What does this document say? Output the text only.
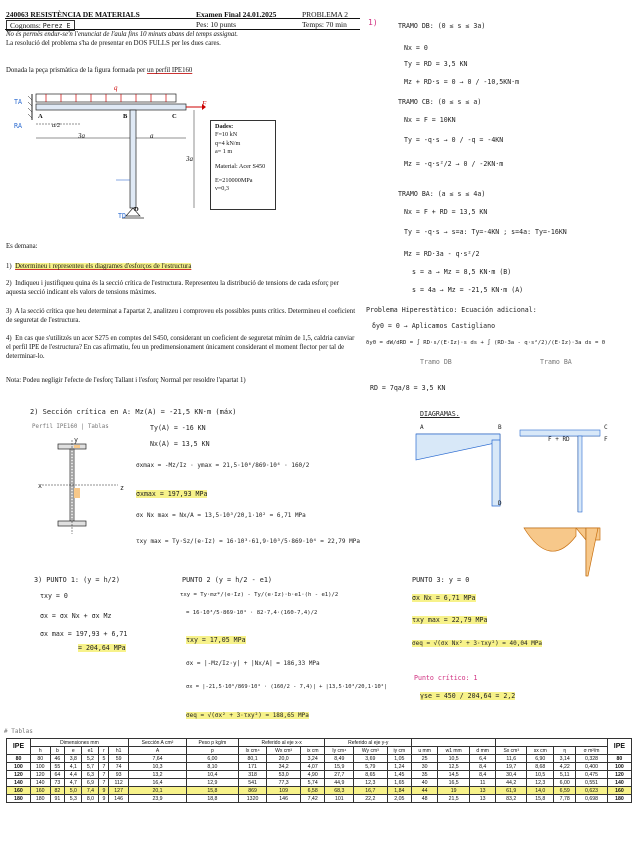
240063 RESISTÈNCIA DE MATERIALS	Examen Final 24.01.2025	PROBLEMA 2
Cognoms: Perez E	Pes: 10 punts	Temps: 70 min
No és permès endur-se'n l'enunciat de l'aula fins 10 minuts abans del temps assignat.
La resolució del problema s'ha de presentar en DOS FULLS per les dues cares.
Donada la peça prismàtica de la figura formada per un perfil IPE160
q
F
A	B	C
D
3a	a
3a
a/2
TA
RA
TD
Dades:
F=10 kN
q=4 kN/m
a= 1 m
Material: Acer S450
E=210000MPa
ν=0,3
Es demana:
1) Determineu i representeu els diagrames d'esforços de l'estructura
2) Indiqueu i justifiqueu quina és la secció crítica de l'estructura. Representeu la distribució de tensions de cada esforç per aquesta secció indicant els valors de tensions màximes.
3) A la secció crítica que heu determinat a l'apartat 2, analitzeu i comproveu els possibles punts crítics. Determineu el coeficient de seguretat de l'estructura.
4) En cas que s'utilitzés un acer S275 en comptes del S450, considerant un coeficient de seguretat mínim de 1,5, caldria canviar el perfil IPE de l'estructura? En cas afirmatiu, feu un predimensionament únicament considerant el moment flector per tal de determinar-lo.
Nota: Podeu negligir l'efecte de l'esforç Tallant i l'esforç Normal per resoldre l'apartat 1)
1)	TRAMO DB: (0 ≤ s ≤ 3a)
Nx = 0
Ty = RD = 3,5 KN
Mz + RD·s = 0 → 0 / -10,5KN·m
TRAMO CB: (0 ≤ s ≤ a)
Nx = F = 10KN
Ty = -q·s → 0 / -q = -4KN
Mz = -q·s²/2 → 0 / -2KN·m
TRAMO BA: (a ≤ s ≤ 4a)
Nx = F + RD = 13,5 KN
Ty = -q·s → s=a: Ty=-4KN ; s=4a: Ty=-16KN
Mz = RD·3a - q·s²/2
s = a → Mz = 8,5 KN·m (B)
s = 4a → Mz = -21,5 KN·m (A)
Problema Hiperestàtico: Ecuación adicional:
δy0 = 0 → Aplicamos Castigliano
δy0 = dW/dRD = ∫ RD·s/(E·Iz)·s ds + ∫ (RD·3a - q·s²/2)/(E·Iz)·3a ds = 0
Tramo DB	Tramo BA
RD = 7qa/8 = 3,5 KN
DIAGRAMAS.
A	B	C
D
F
F + RD
2) Sección crítica en A: Mz(A) = -21,5 KN·m (máx)
Perfil IPE160 | Tablas	Ty(A) = -16 KN
Nx(A) = 13,5 KN
x
y
z
σxmax = -Mz/Iz · ymax = 21,5·10⁶/869·10⁴ · 160/2
σxmax = 197,93 MPa
σx Nx max = Nx/A = 13,5·10³/20,1·10² = 6,71 MPa
τxy max = Ty·Sz/(e·Iz) = 16·10³·61,9·10³/5·869·10⁴ = 22,79 MPa
3) PUNTO 1: (y = h/2)
τxy = 0
σx = σx Nx + σx Mz
σx max = 197,93 + 6,71
= 204,64 MPa
PUNTO 2 (y = h/2 - e1)
τxy = Ty·mz*/(e·Iz) - Ty/(e·Iz)·b·e1·(h - e1)/2
= 16·10³/5·869·10⁴ · 82·7,4·(160-7,4)/2
τxy = 17,05 MPa
σx = |-Mz/Iz·y| + |Nx/A| = 186,33 MPa
σx = |-21,5·10⁶/869·10⁴ · (160/2 - 7,4)| + |13,5·10³/20,1·10²|
σeq = √(σx² + 3·τxy²) = 188,65 MPa
PUNTO 3: y = 0
σx Nx = 6,71 MPa
τxy max = 22,79 MPa
σeq = √(σx Nx² + 3·τxy²) = 40,04 MPa
Punto crítico: 1
γse = 450 / 204,64 = 2,2
# Tablas
IPE	Dimensiones mm						Sección A cm²	Peso p kg/m	Referido al eje x-x			Referido al eje y-y										IPE
	h	b	e	e1	r	h1	A	p	Ix cm⁴	Wx cm³	ix cm	Iy cm⁴	Wy cm³	iy cm	u mm	w1 mm	d mm	Sx cm³	sx cm	η	σ m²/m	
80	80	46	3,8	5,2	5	59	7,64	6,00	80,1	20,0	3,24	8,49	3,69	1,05	25	10,5	6,4	11,6	6,90	3,14	0,328	80
100	100	55	4,1	5,7	7	74	10,3	8,10	171	34,2	4,07	15,9	5,79	1,24	30	12,5	8,4	19,7	8,68	4,22	0,400	100
120	120	64	4,4	6,3	7	93	13,2	10,4	318	53,0	4,90	27,7	8,65	1,45	35	14,5	8,4	30,4	10,5	5,11	0,475	120
140	140	73	4,7	6,9	7	112	16,4	12,9	541	77,3	5,74	44,9	12,3	1,65	40	16,5	11	44,2	12,3	6,00	0,551	140
160	160	82	5,0	7,4	9	127	20,1	15,8	869	109	6,58	68,3	16,7	1,84	44	19	13	61,9	14,0	6,59	0,623	160
180	180	91	5,3	8,0	9	146	23,9	18,8	1320	146	7,42	101	22,2	2,05	48	21,5	13	83,2	15,8	7,78	0,698	180
